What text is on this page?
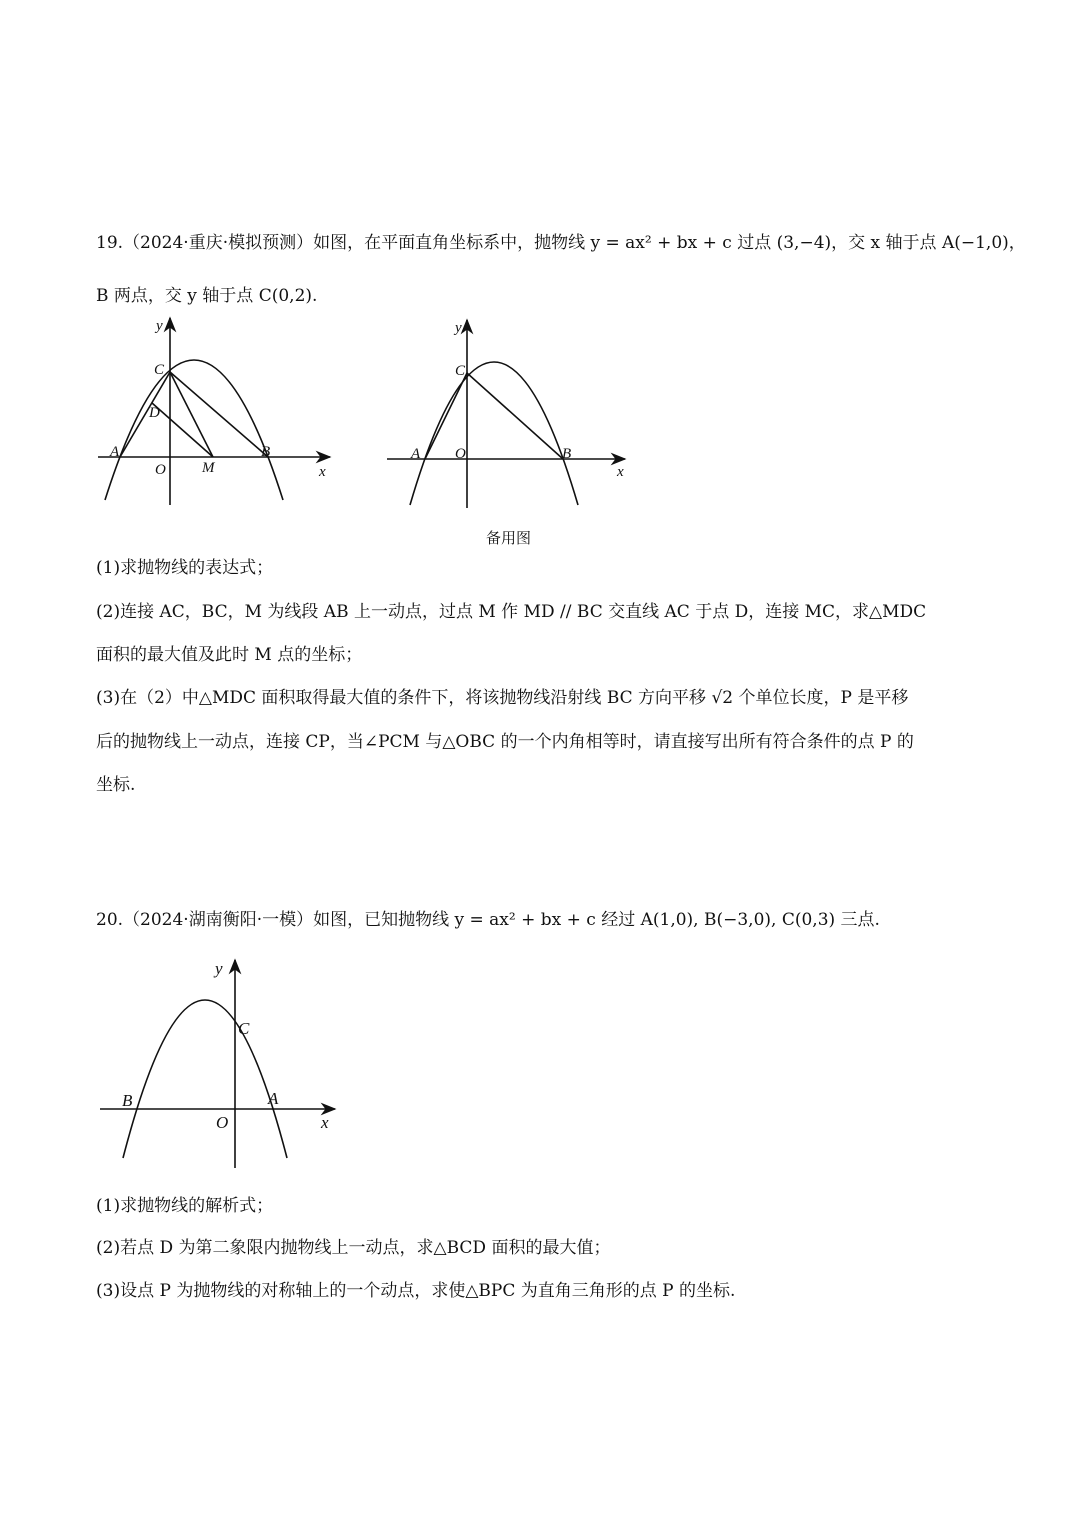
19.（2024·重庆·模拟预测）如图，在平面直角坐标系中，抛物线 y = ax² + bx + c 过点 (3,−4)，交 x 轴于点 A(−1,0)，
B 两点，交 y 轴于点 C(0,2).
y
C
D
A
O M
B
x
y
C
A O	B
x
y
C
B	A
O	x
备用图
(1)求抛物线的表达式；
(2)连接 AC，BC，M 为线段 AB 上一动点，过点 M 作 MD // BC 交直线 AC 于点 D，连接 MC，求△MDC
面积的最大值及此时 M 点的坐标；
(3)在（2）中△MDC 面积取得最大值的条件下，将该抛物线沿射线 BC 方向平移 √2 个单位长度，P 是平移
后的抛物线上一动点，连接 CP，当∠PCM 与△OBC 的一个内角相等时，请直接写出所有符合条件的点 P 的
坐标.
20.（2024·湖南衡阳·一模）如图，已知抛物线 y = ax² + bx + c 经过 A(1,0), B(−3,0), C(0,3) 三点.
(1)求抛物线的解析式；
(2)若点 D 为第二象限内抛物线上一动点，求△BCD 面积的最大值；
(3)设点 P 为抛物线的对称轴上的一个动点，求使△BPC 为直角三角形的点 P 的坐标.
